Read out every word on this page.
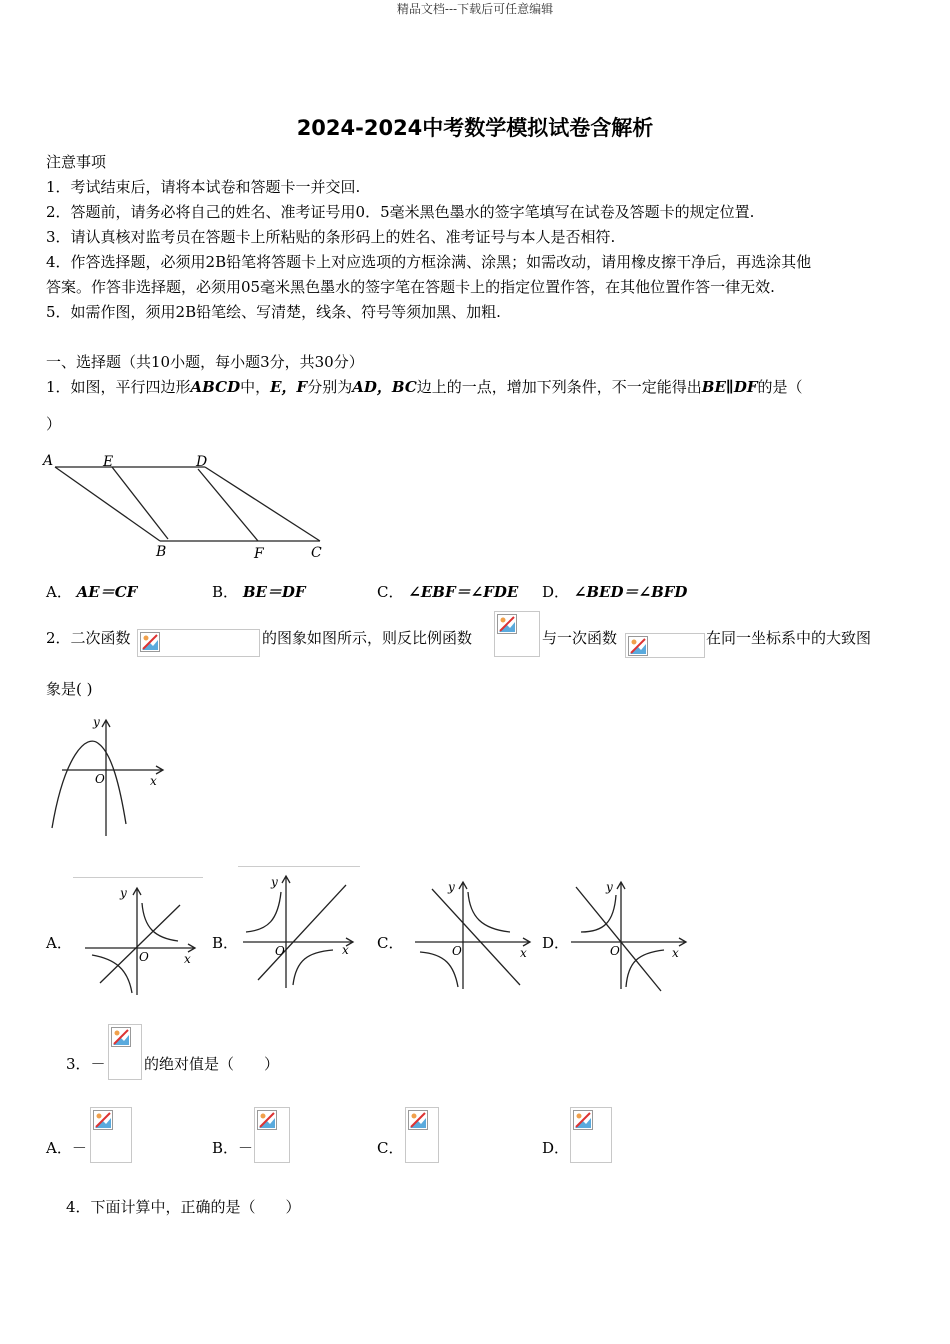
精品文档---下载后可任意编辑
2024-2024中考数学模拟试卷含解析
注意事项
1．考试结束后，请将本试卷和答题卡一并交回.
2．答题前，请务必将自己的姓名、准考证号用0．5毫米黑色墨水的签字笔填写在试卷及答题卡的规定位置.
3．请认真核对监考员在答题卡上所粘贴的条形码上的姓名、准考证号与本人是否相符.
4．作答选择题，必须用2B铅笔将答题卡上对应选项的方框涂满、涂黑；如需改动，请用橡皮擦干净后，再选涂其他
答案。作答非选择题，必须用05毫米黑色墨水的签字笔在答题卡上的指定位置作答，在其他位置作答一律无效.
5．如需作图，须用2B铅笔绘、写清楚，线条、符号等须加黑、加粗.
一、选择题（共10小题，每小题3分，共30分）
1．如图，平行四边形ABCD中，E，F分别为AD，BC边上的一点，增加下列条件，不一定能得出BE∥DF的是（
）
A	E	D
B	F	C
A． AE＝CF	B． BE＝DF	C． ∠EBF＝∠FDE D． ∠BED＝∠BFD
2．二次函数	的图象如图所示，则反比例函数	与一次函数	在同一坐标系中的大致图
象是( )
y
x
O
A．
y
x
O
B．
y
x
O	C．
y
x
O	D．
y
x
O
3．－	的绝对值是（　　）
A．－	B．－	C．	D．
4．下面计算中，正确的是（　　）
